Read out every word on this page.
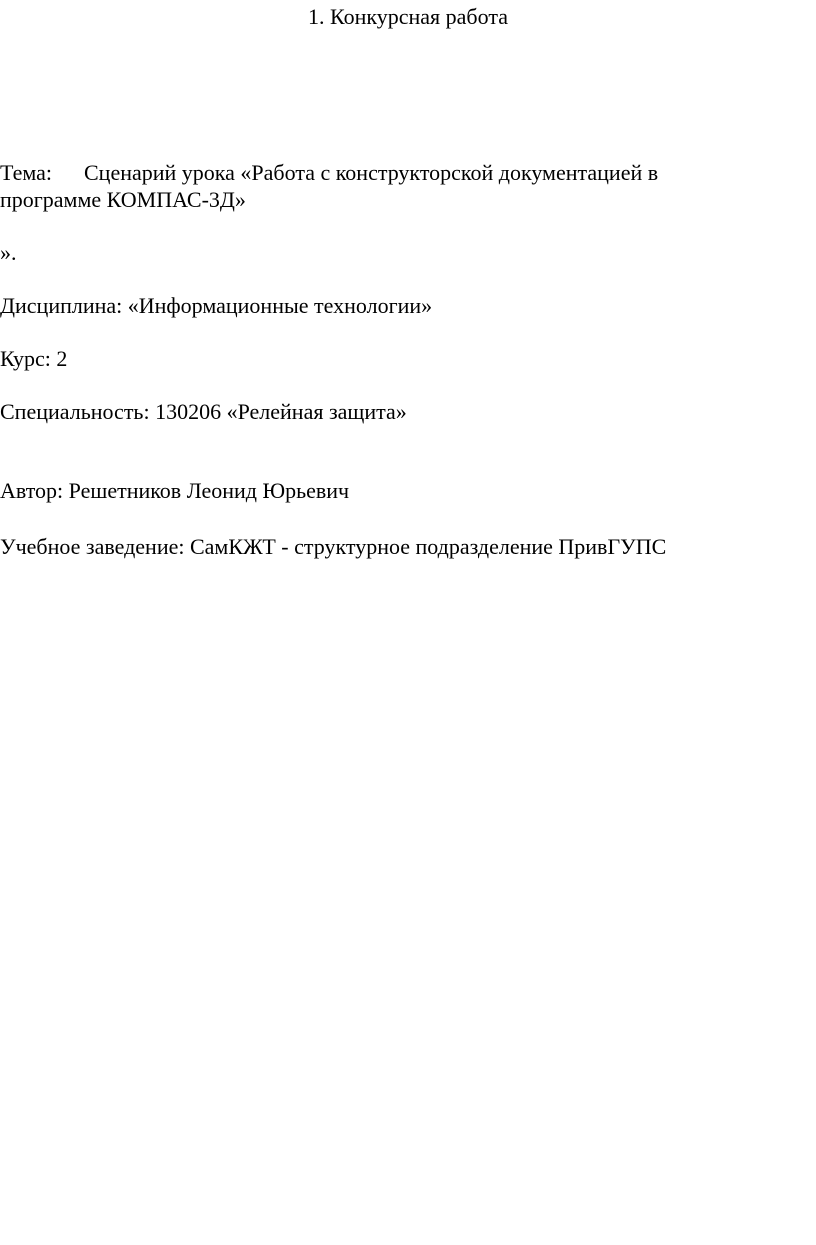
1. Конкурсная работа
Тема: Сценарий урока «Работа с конструкторской документацией в
программе КОМПАС-3Д»
».
Дисциплина: «Информационные технологии»
Курс: 2
Специальность: 130206 «Релейная защита»
Автор: Решетников Леонид Юрьевич
Учебное заведение: СамКЖТ - структурное подразделение ПривГУПС
